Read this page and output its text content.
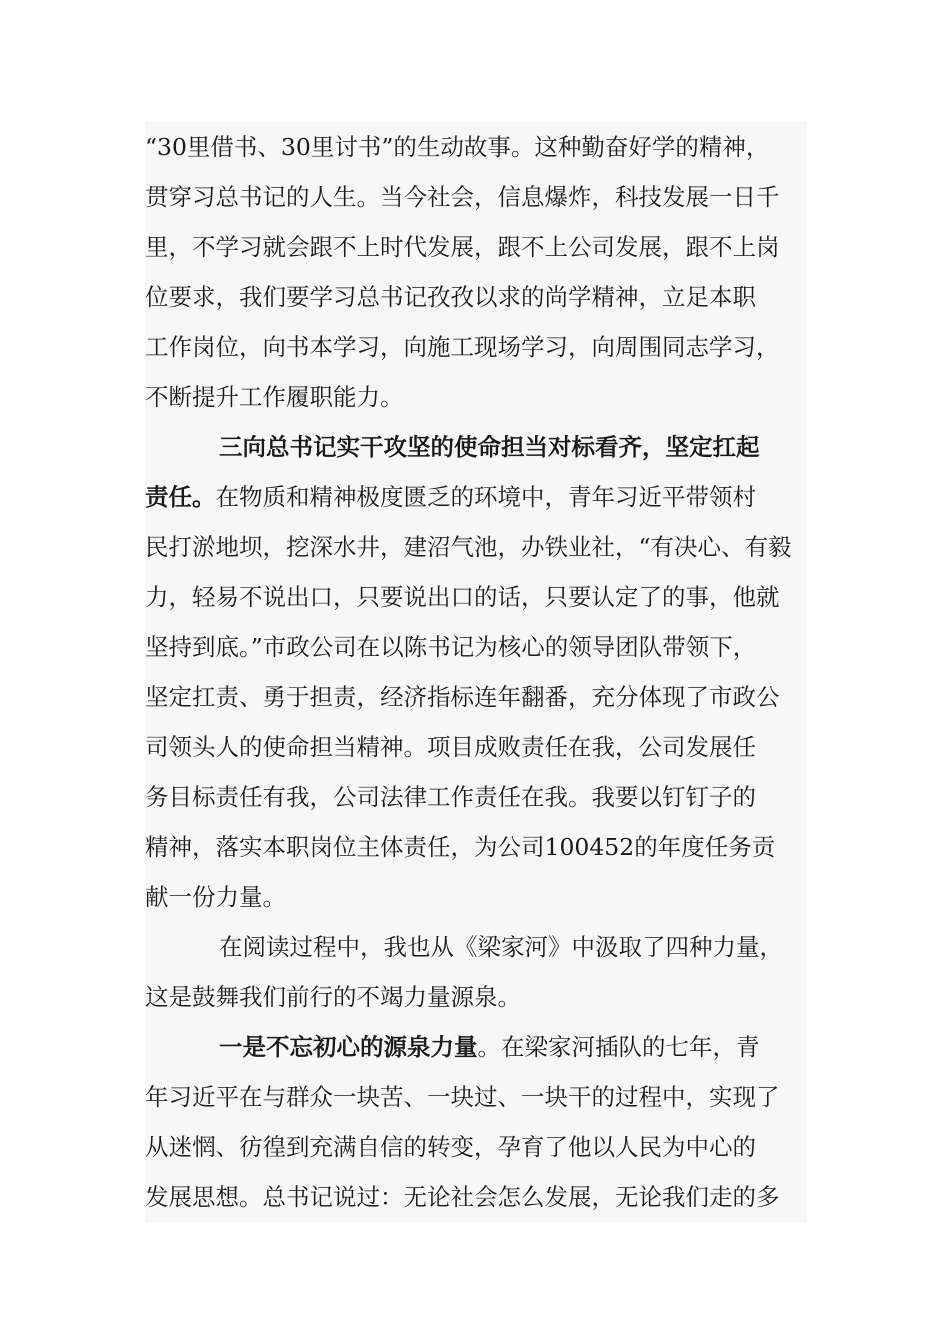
“30里借书、30里讨书”的生动故事。这种勤奋好学的精神，

贯穿习总书记的人生。当今社会，信息爆炸，科技发展一日千

里，不学习就会跟不上时代发展，跟不上公司发展，跟不上岗

位要求，我们要学习总书记孜孜以求的尚学精神，立足本职

工作岗位，向书本学习，向施工现场学习，向周围同志学习，

不断提升工作履职能力。

三向总书记实干攻坚的使命担当对标看齐，坚定扛起

责任。在物质和精神极度匮乏的环境中，青年习近平带领村

民打淤地坝，挖深水井，建沼气池，办铁业社，“有决心、有毅

力，轻易不说出口，只要说出口的话，只要认定了的事，他就

坚持到底。”市政公司在以陈书记为核心的领导团队带领下，

坚定扛责、勇于担责，经济指标连年翻番，充分体现了市政公

司领头人的使命担当精神。项目成败责任在我，公司发展任

务目标责任有我，公司法律工作责任在我。我要以钉钉子的

精神，落实本职岗位主体责任，为公司100452的年度任务贡

献一份力量。

在阅读过程中，我也从《梁家河》中汲取了四种力量，

这是鼓舞我们前行的不竭力量源泉。

一是不忘初心的源泉力量。在梁家河插队的七年，青

年习近平在与群众一块苦、一块过、一块干的过程中，实现了

从迷惘、彷徨到充满自信的转变，孕育了他以人民为中心的

发展思想。总书记说过：无论社会怎么发展，无论我们走的多
